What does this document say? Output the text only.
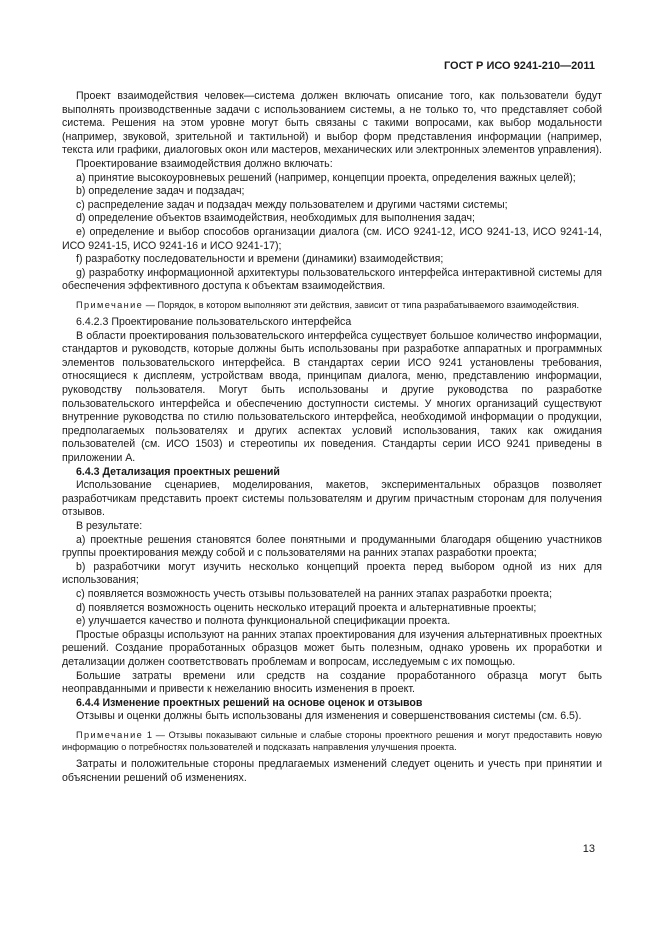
ГОСТ Р ИСО 9241-210—2011

Проект взаимодействия человек—система должен включать описание того, как пользователи будут выполнять производственные задачи с использованием системы, а не только то, что представляет собой система. Решения на этом уровне могут быть связаны с такими вопросами, как выбор модальности (например, звуковой, зрительной и тактильной) и выбор форм представления информации (например, текста или графики, диалоговых окон или мастеров, механических или электронных элементов управления).

Проектирование взаимодействия должно включать:

a) принятие высокоуровневых решений (например, концепции проекта, определения важных целей);

b) определение задач и подзадач;

c) распределение задач и подзадач между пользователем и другими частями системы;

d) определение объектов взаимодействия, необходимых для выполнения задач;

e) определение и выбор способов организации диалога (см. ИСО 9241-12, ИСО 9241-13, ИСО 9241-14, ИСО 9241-15, ИСО 9241-16 и ИСО 9241-17);

f) разработку последовательности и времени (динамики) взаимодействия;

g) разработку информационной архитектуры пользовательского интерфейса интерактивной системы для обеспечения эффективного доступа к объектам взаимодействия.

Примечание — Порядок, в котором выполняют эти действия, зависит от типа разрабатываемого взаимодействия.

6.4.2.3 Проектирование пользовательского интерфейса

В области проектирования пользовательского интерфейса существует большое количество информации, стандартов и руководств, которые должны быть использованы при разработке аппаратных и программных элементов пользовательского интерфейса. В стандартах серии ИСО 9241 установлены требования, относящиеся к дисплеям, устройствам ввода, принципам диалога, меню, представлению информации, руководству пользователя. Могут быть использованы и другие руководства по разработке пользовательского интерфейса и обеспечению доступности системы. У многих организаций существуют внутренние руководства по стилю пользовательского интерфейса, необходимой информации о продукции, предполагаемых пользователях и других аспектах условий использования, таких как ожидания пользователей (см. ИСО 1503) и стереотипы их поведения. Стандарты серии ИСО 9241 приведены в приложении А.

6.4.3 Детализация проектных решений

Использование сценариев, моделирования, макетов, экспериментальных образцов позволяет разработчикам представить проект системы пользователям и другим причастным сторонам для получения отзывов.

В результате:

a) проектные решения становятся более понятными и продуманными благодаря общению участников группы проектирования между собой и с пользователями на ранних этапах разработки проекта;

b) разработчики могут изучить несколько концепций проекта перед выбором одной из них для использования;

c) появляется возможность учесть отзывы пользователей на ранних этапах разработки проекта;

d) появляется возможность оценить несколько итераций проекта и альтернативные проекты;

e) улучшается качество и полнота функциональной спецификации проекта.

Простые образцы используют на ранних этапах проектирования для изучения альтернативных проектных решений. Создание проработанных образцов может быть полезным, однако уровень их проработки и детализации должен соответствовать проблемам и вопросам, исследуемым с их помощью.

Большие затраты времени или средств на создание проработанного образца могут быть неоправданными и привести к нежеланию вносить изменения в проект.

6.4.4 Изменение проектных решений на основе оценок и отзывов

Отзывы и оценки должны быть использованы для изменения и совершенствования системы (см. 6.5).

Примечание 1 — Отзывы показывают сильные и слабые стороны проектного решения и могут предоставить новую информацию о потребностях пользователей и подсказать направления улучшения проекта.

Затраты и положительные стороны предлагаемых изменений следует оценить и учесть при принятии и объяснении решений об изменениях.

13
